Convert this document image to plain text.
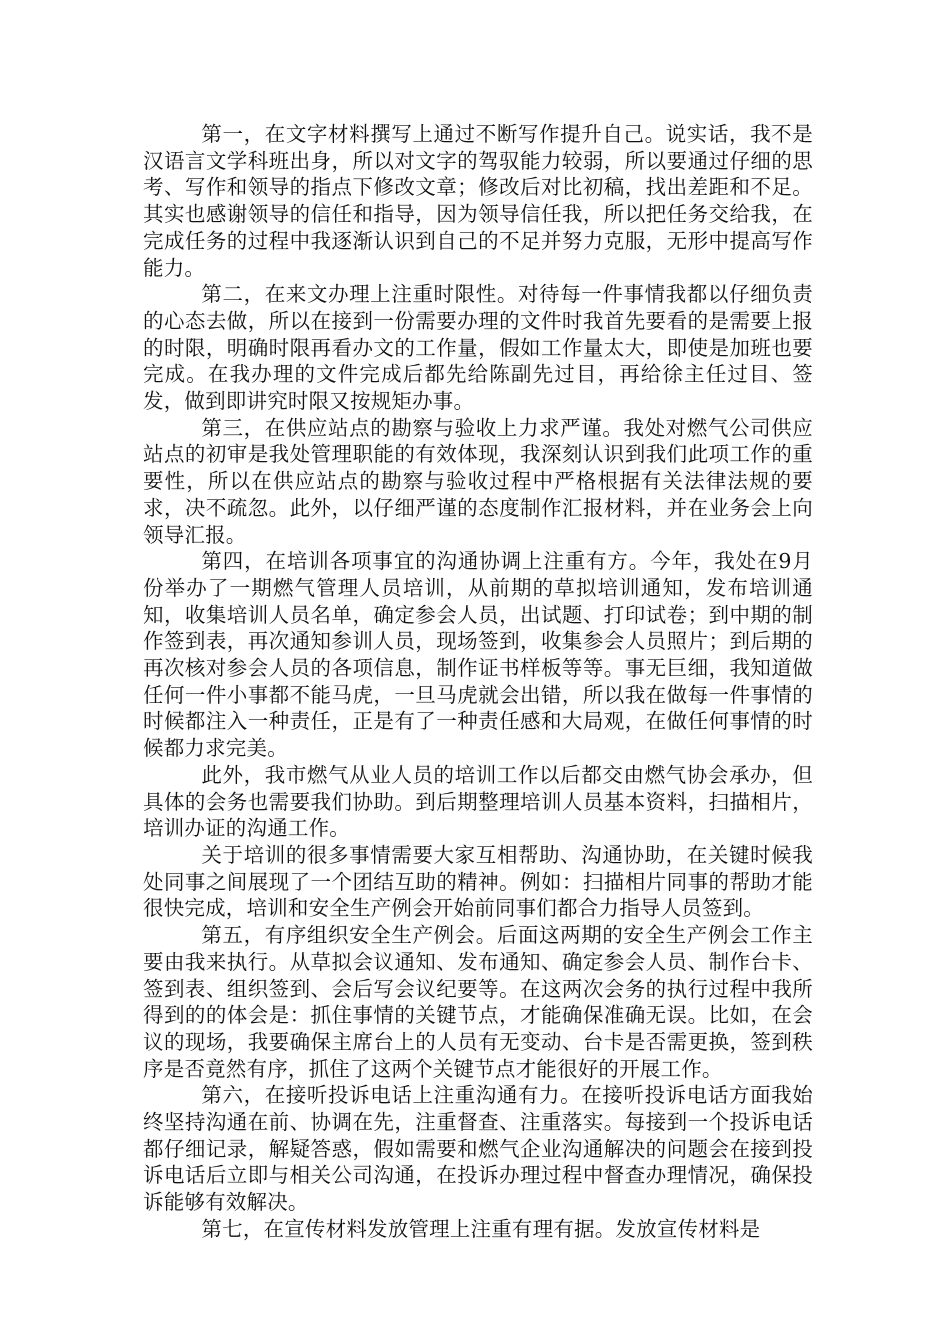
第一，在文字材料撰写上通过不断写作提升自己。说实话，我不是汉语言文学科班出身，所以对文字的驾驭能力较弱，所以要通过仔细的思考、写作和领导的指点下修改文章；修改后对比初稿，找出差距和不足。其实也感谢领导的信任和指导，因为领导信任我，所以把任务交给我，在完成任务的过程中我逐渐认识到自己的不足并努力克服，无形中提高写作能力。

第二，在来文办理上注重时限性。对待每一件事情我都以仔细负责的心态去做，所以在接到一份需要办理的文件时我首先要看的是需要上报的时限，明确时限再看办文的工作量，假如工作量太大，即使是加班也要完成。在我办理的文件完成后都先给陈副先过目，再给徐主任过目、签发，做到即讲究时限又按规矩办事。

第三，在供应站点的勘察与验收上力求严谨。我处对燃气公司供应站点的初审是我处管理职能的有效体现，我深刻认识到我们此项工作的重要性，所以在供应站点的勘察与验收过程中严格根据有关法律法规的要求，决不疏忽。此外，以仔细严谨的态度制作汇报材料，并在业务会上向领导汇报。

第四，在培训各项事宜的沟通协调上注重有方。今年，我处在9月份举办了一期燃气管理人员培训，从前期的草拟培训通知，发布培训通知，收集培训人员名单，确定参会人员，出试题、打印试卷；到中期的制作签到表，再次通知参训人员，现场签到，收集参会人员照片；到后期的再次核对参会人员的各项信息，制作证书样板等等。事无巨细，我知道做任何一件小事都不能马虎，一旦马虎就会出错，所以我在做每一件事情的时候都注入一种责任，正是有了一种责任感和大局观，在做任何事情的时候都力求完美。

此外，我市燃气从业人员的培训工作以后都交由燃气协会承办，但具体的会务也需要我们协助。到后期整理培训人员基本资料，扫描相片，培训办证的沟通工作。

关于培训的很多事情需要大家互相帮助、沟通协助，在关键时候我处同事之间展现了一个团结互助的精神。例如：扫描相片同事的帮助才能很快完成，培训和安全生产例会开始前同事们都合力指导人员签到。

第五，有序组织安全生产例会。后面这两期的安全生产例会工作主要由我来执行。从草拟会议通知、发布通知、确定参会人员、制作台卡、签到表、组织签到、会后写会议纪要等。在这两次会务的执行过程中我所得到的的体会是：抓住事情的关键节点，才能确保准确无误。比如，在会议的现场，我要确保主席台上的人员有无变动、台卡是否需更换，签到秩序是否竟然有序，抓住了这两个关键节点才能很好的开展工作。

第六，在接听投诉电话上注重沟通有力。在接听投诉电话方面我始终坚持沟通在前、协调在先，注重督查、注重落实。每接到一个投诉电话都仔细记录，解疑答惑，假如需要和燃气企业沟通解决的问题会在接到投诉电话后立即与相关公司沟通，在投诉办理过程中督查办理情况，确保投诉能够有效解决。

第七，在宣传材料发放管理上注重有理有据。发放宣传材料是
